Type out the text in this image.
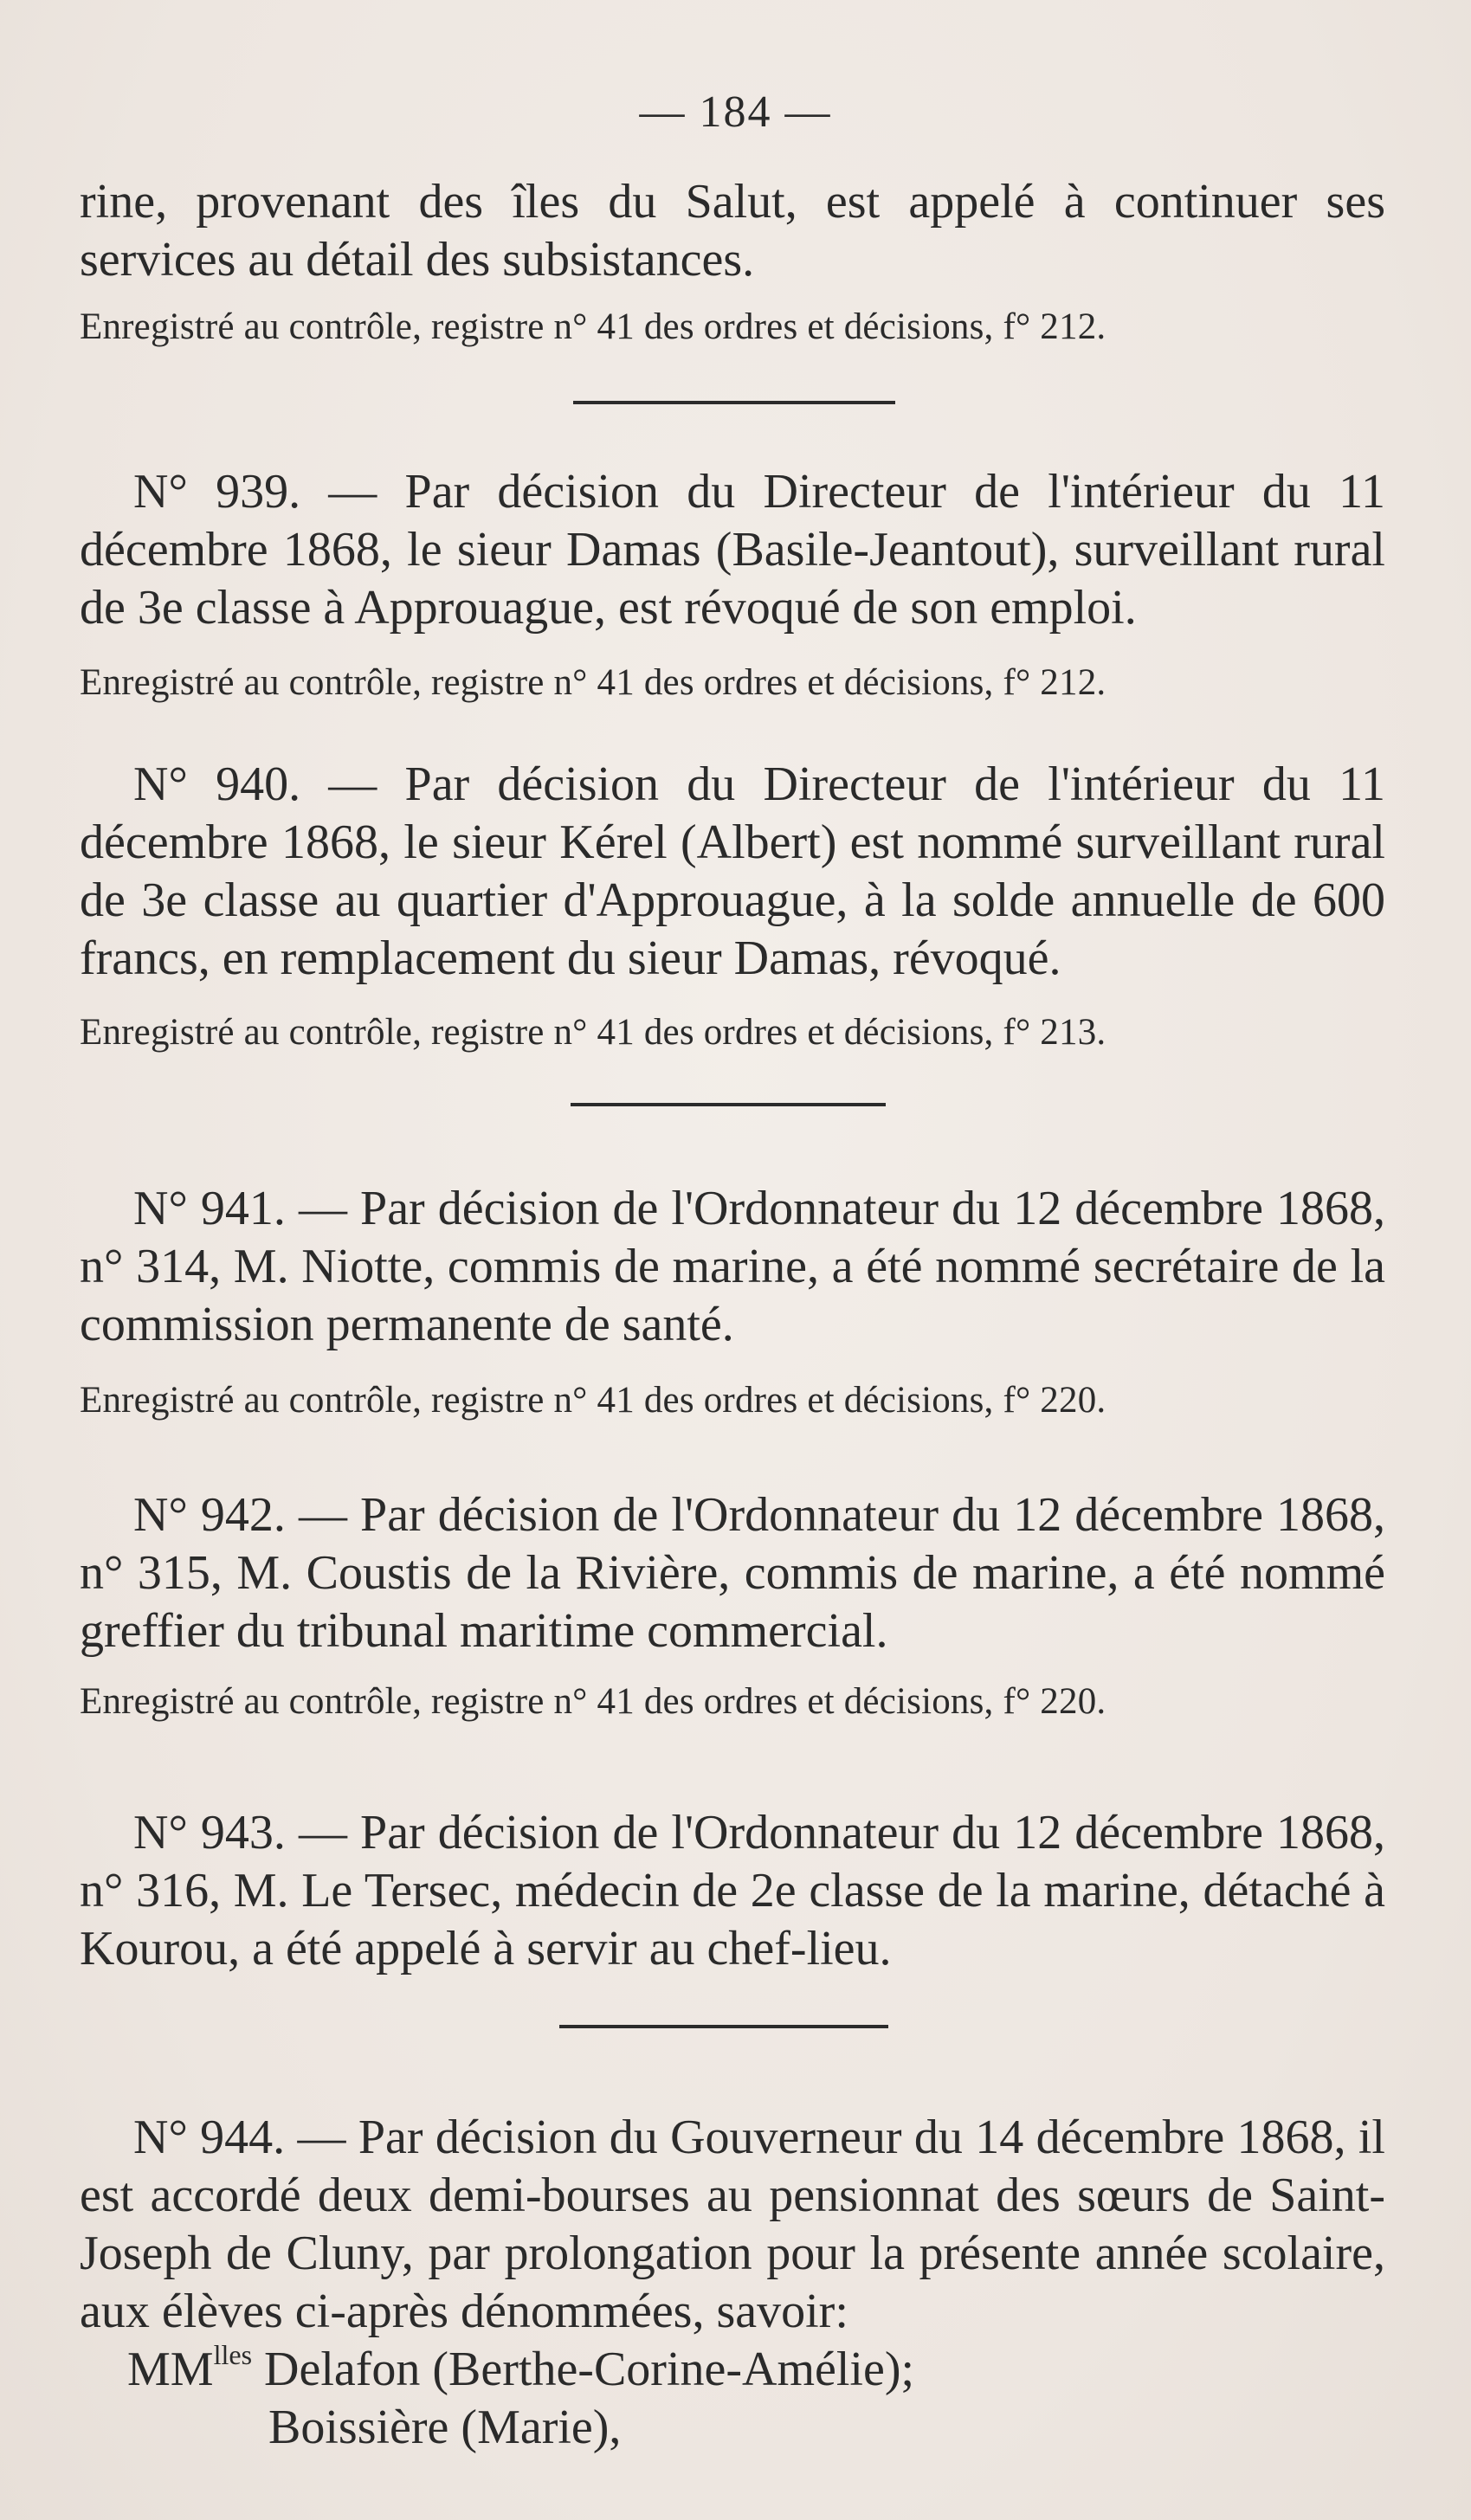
— 184 —

rine, provenant des îles du Salut, est appelé à continuer ses services au détail des subsistances.

Enregistré au contrôle, registre n° 41 des ordres et décisions, f° 212.

N° 939. — Par décision du Directeur de l'intérieur du 11 décembre 1868, le sieur Damas (Basile-Jeantout), surveillant rural de 3e classe à Approuague, est révoqué de son emploi.

Enregistré au contrôle, registre n° 41 des ordres et décisions, f° 212.

N° 940. — Par décision du Directeur de l'intérieur du 11 décembre 1868, le sieur Kérel (Albert) est nommé surveillant rural de 3e classe au quartier d'Approuague, à la solde annuelle de 600 francs, en remplacement du sieur Damas, révoqué.

Enregistré au contrôle, registre n° 41 des ordres et décisions, f° 213.

N° 941. — Par décision de l'Ordonnateur du 12 décembre 1868, n° 314, M. Niotte, commis de marine, a été nommé secrétaire de la commission permanente de santé.

Enregistré au contrôle, registre n° 41 des ordres et décisions, f° 220.

N° 942. — Par décision de l'Ordonnateur du 12 décembre 1868, n° 315, M. Coustis de la Rivière, commis de marine, a été nommé greffier du tribunal maritime commercial.

Enregistré au contrôle, registre n° 41 des ordres et décisions, f° 220.

N° 943. — Par décision de l'Ordonnateur du 12 décembre 1868, n° 316, M. Le Tersec, médecin de 2e classe de la marine, détaché à Kourou, a été appelé à servir au chef-lieu.

N° 944. — Par décision du Gouverneur du 14 décembre 1868, il est accordé deux demi-bourses au pensionnat des sœurs de Saint-Joseph de Cluny, par prolongation pour la présente année scolaire, aux élèves ci-après dénommées, savoir:

$MM^{lles}$ Delafon (Berthe-Corine-Amélie);

Boissière (Marie),
